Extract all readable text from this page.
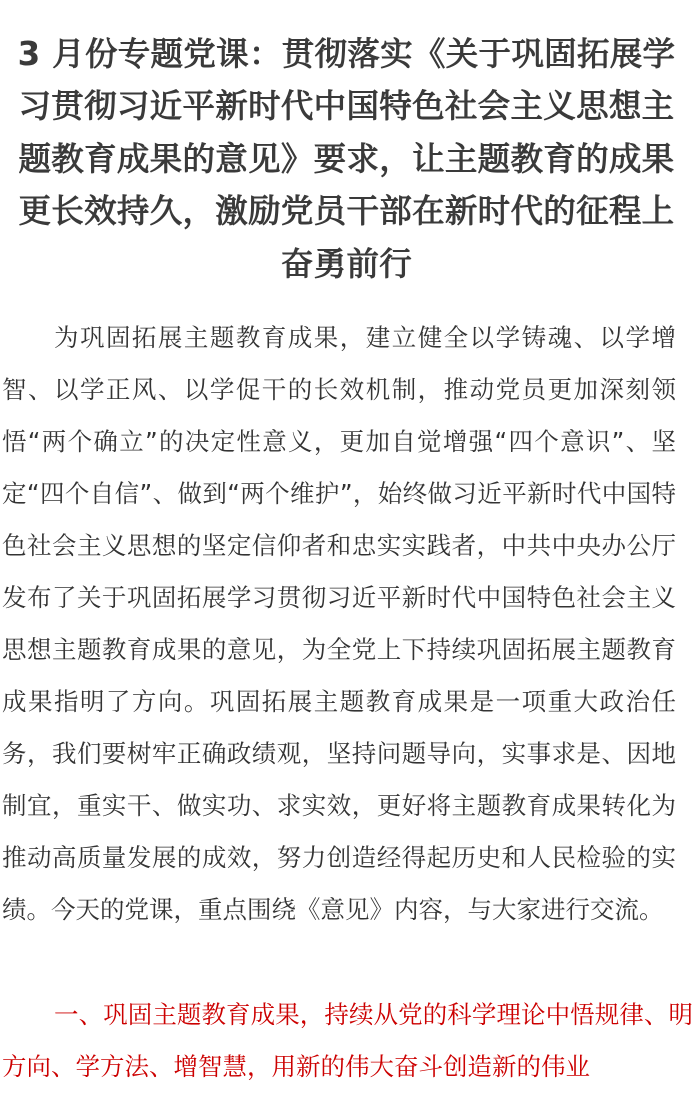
3 月份专题党课：贯彻落实《关于巩固拓展学习贯彻习近平新时代中国特色社会主义思想主题教育成果的意见》要求，让主题教育的成果更长效持久，激励党员干部在新时代的征程上奋勇前行

为巩固拓展主题教育成果，建立健全以学铸魂、以学增智、以学正风、以学促干的长效机制，推动党员更加深刻领悟“两个确立”的决定性意义，更加自觉增强“四个意识”、坚定“四个自信”、做到“两个维护”，始终做习近平新时代中国特色社会主义思想的坚定信仰者和忠实实践者，中共中央办公厅发布了关于巩固拓展学习贯彻习近平新时代中国特色社会主义思想主题教育成果的意见，为全党上下持续巩固拓展主题教育成果指明了方向。巩固拓展主题教育成果是一项重大政治任务，我们要树牢正确政绩观，坚持问题导向，实事求是、因地制宜，重实干、做实功、求实效，更好将主题教育成果转化为推动高质量发展的成效，努力创造经得起历史和人民检验的实绩。今天的党课，重点围绕《意见》内容，与大家进行交流。

一、巩固主题教育成果，持续从党的科学理论中悟规律、明方向、学方法、增智慧，用新的伟大奋斗创造新的伟业
